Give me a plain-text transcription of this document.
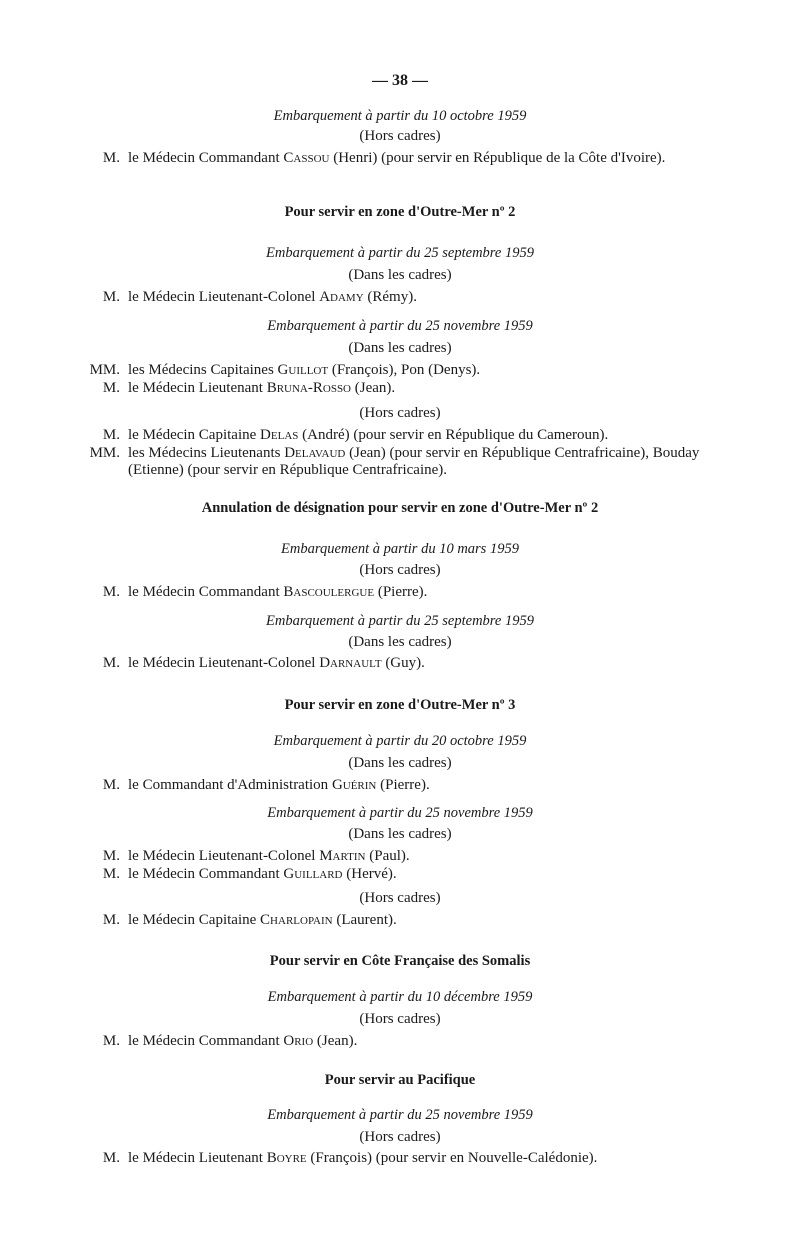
— 38 —
Embarquement à partir du 10 octobre 1959
(Hors cadres)
M. le Médecin Commandant Cassou (Henri) (pour servir en République de la Côte d'Ivoire).
Pour servir en zone d'Outre-Mer nº 2
Embarquement à partir du 25 septembre 1959
(Dans les cadres)
M. le Médecin Lieutenant-Colonel Adamy (Rémy).
Embarquement à partir du 25 novembre 1959
(Dans les cadres)
MM. les Médecins Capitaines Guillot (François), Pon (Denys).
M. le Médecin Lieutenant Bruna-Rosso (Jean).
(Hors cadres)
M. le Médecin Capitaine Delas (André) (pour servir en République du Cameroun).
MM. les Médecins Lieutenants Delavaud (Jean) (pour servir en République Centrafricaine), Bouday (Etienne) (pour servir en République Centrafricaine).
Annulation de désignation pour servir en zone d'Outre-Mer nº 2
Embarquement à partir du 10 mars 1959
(Hors cadres)
M. le Médecin Commandant Bascoulergue (Pierre).
Embarquement à partir du 25 septembre 1959
(Dans les cadres)
M. le Médecin Lieutenant-Colonel Darnault (Guy).
Pour servir en zone d'Outre-Mer nº 3
Embarquement à partir du 20 octobre 1959
(Dans les cadres)
M. le Commandant d'Administration Guérin (Pierre).
Embarquement à partir du 25 novembre 1959
(Dans les cadres)
M. le Médecin Lieutenant-Colonel Martin (Paul).
M. le Médecin Commandant Guillard (Hervé).
(Hors cadres)
M. le Médecin Capitaine Charlopain (Laurent).
Pour servir en Côte Française des Somalis
Embarquement à partir du 10 décembre 1959
(Hors cadres)
M. le Médecin Commandant Orio (Jean).
Pour servir au Pacifique
Embarquement à partir du 25 novembre 1959
(Hors cadres)
M. le Médecin Lieutenant Boyre (François) (pour servir en Nouvelle-Calédonie).
